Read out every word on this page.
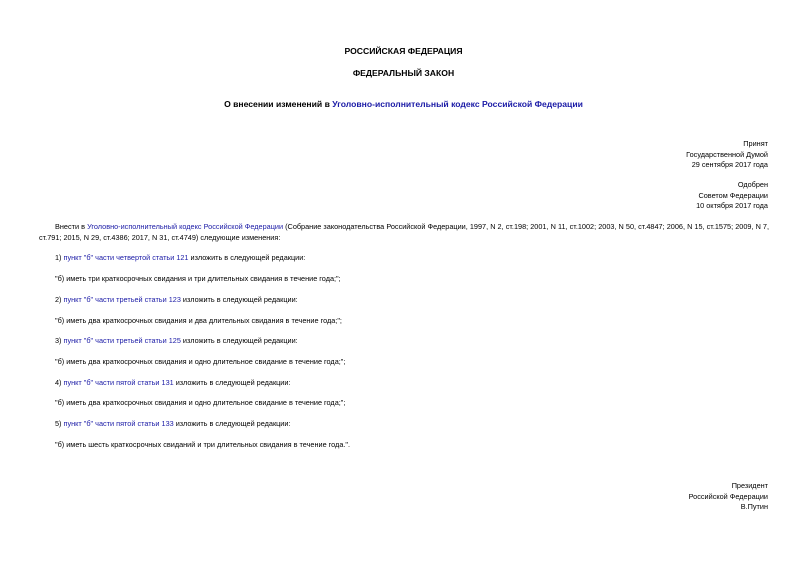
РОССИЙСКАЯ ФЕДЕРАЦИЯ
ФЕДЕРАЛЬНЫЙ ЗАКОН
О внесении изменений в Уголовно-исполнительный кодекс Российской Федерации
Принят
Государственной Думой
29 сентября 2017 года
Одобрен
Советом Федерации
10 октября 2017 года
Внести в Уголовно-исполнительный кодекс Российской Федерации (Собрание законодательства Российской Федерации, 1997, N 2, ст.198; 2001, N 11, ст.1002; 2003, N 50, ст.4847; 2006, N 15, ст.1575; 2009, N 7, ст.791; 2015, N 29, ст.4386; 2017, N 31, ст.4749) следующие изменения:
1) пункт "б" части четвертой статьи 121 изложить в следующей редакции:
"б) иметь три краткосрочных свидания и три длительных свидания в течение года;";
2) пункт "б" части третьей статьи 123 изложить в следующей редакции:
"б) иметь два краткосрочных свидания и два длительных свидания в течение года;";
3) пункт "б" части третьей статьи 125 изложить в следующей редакции:
"б) иметь два краткосрочных свидания и одно длительное свидание в течение года;";
4) пункт "б" части пятой статьи 131 изложить в следующей редакции:
"б) иметь два краткосрочных свидания и одно длительное свидание в течение года;";
5) пункт "б" части пятой статьи 133 изложить в следующей редакции:
"б) иметь шесть краткосрочных свиданий и три длительных свидания в течение года.".
Президент
Российской Федерации
В.Путин
